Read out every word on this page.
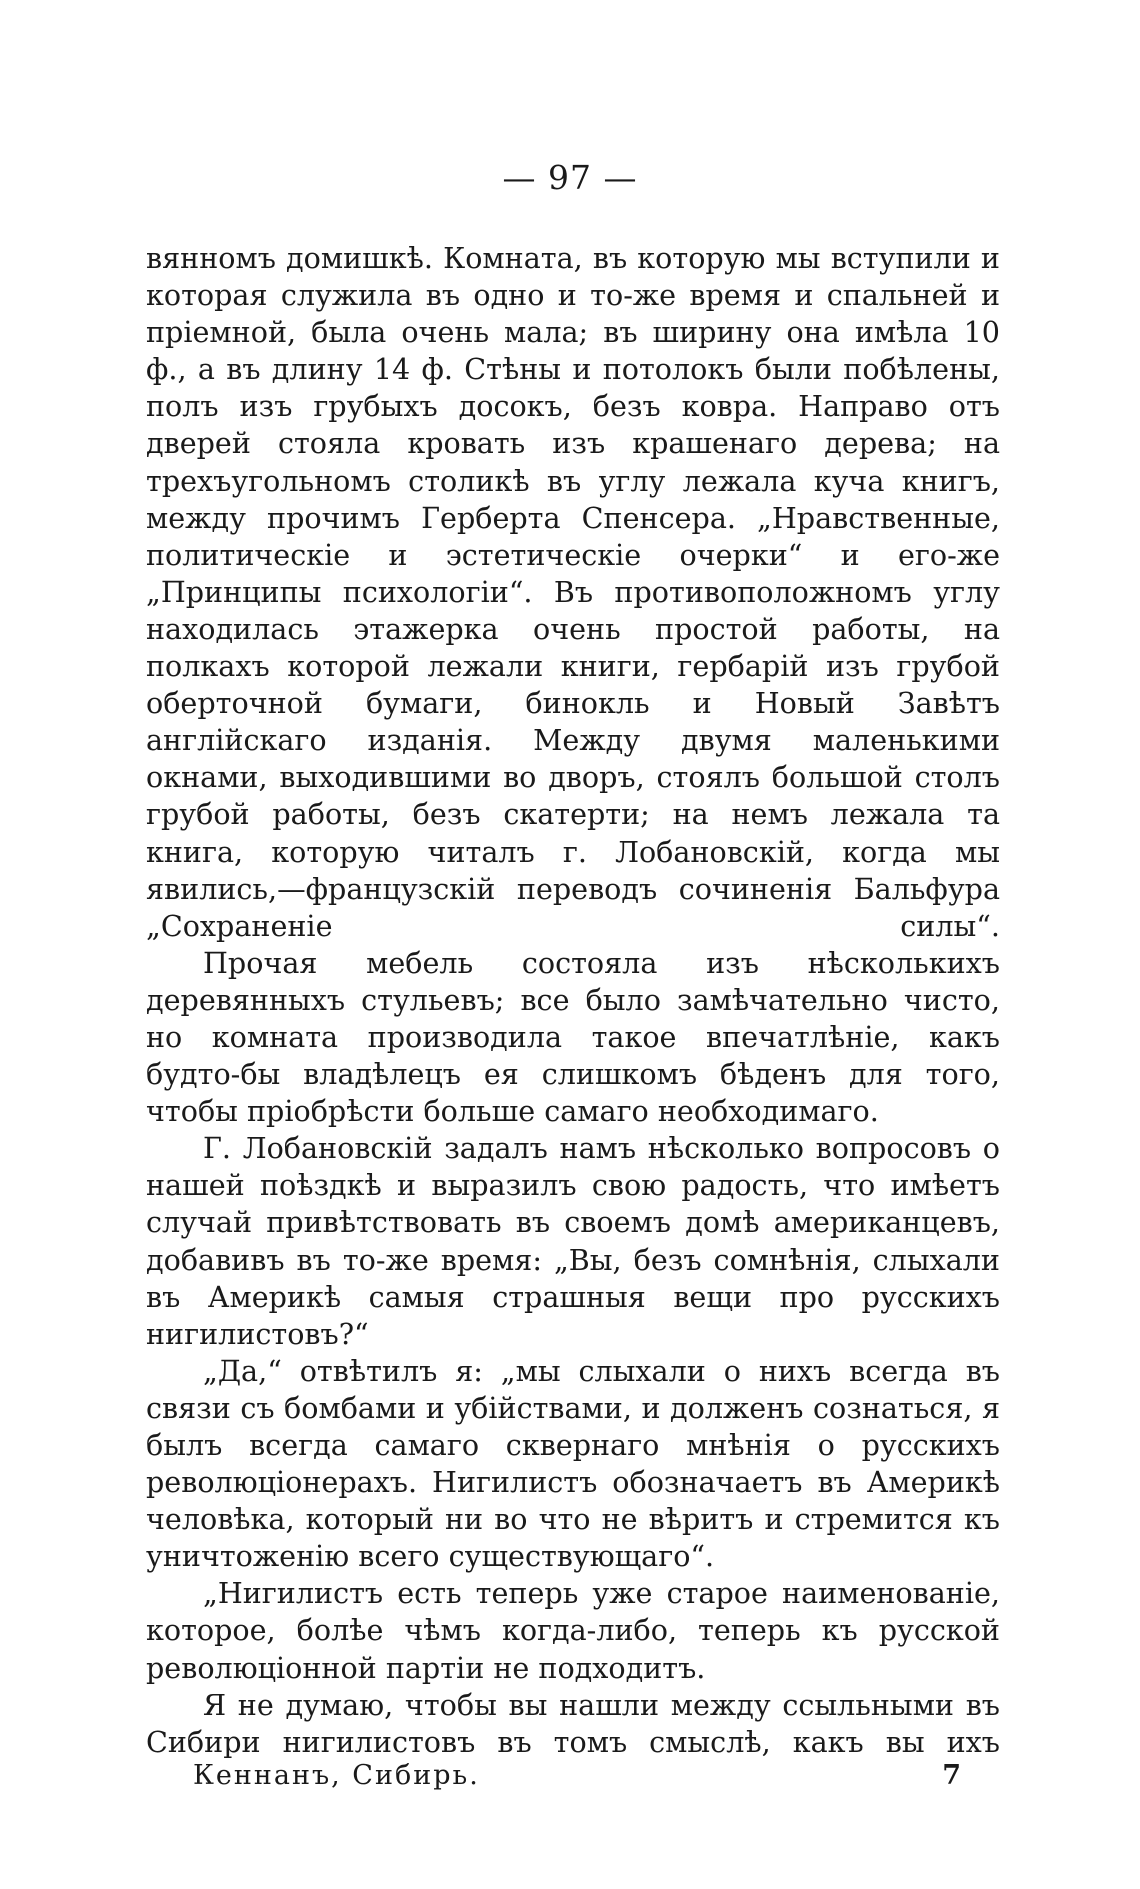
— 97 —

вянномъ домишкѣ. Комната, въ которую мы вступили и которая служила въ одно и то-же время и спальней и пріемной, была очень мала; въ ширину она имѣла 10 ф., а въ длину 14 ф. Стѣны и потолокъ были побѣлены, полъ изъ грубыхъ досокъ, безъ ковра. Направо отъ дверей стояла кровать изъ крашенаго дерева; на трехъугольномъ столикѣ въ углу лежала куча книгъ, между прочимъ Герберта Спенсера. „Нравственные, политическіе и эстетическіе очерки“ и его-же „Принципы психологіи“. Въ противоположномъ углу находилась этажерка очень простой работы, на полкахъ которой лежали книги, гербарій изъ грубой оберточной бумаги, бинокль и Новый Завѣтъ англійскаго изданія. Между двумя маленькими окнами, выходившими во дворъ, стоялъ большой столъ грубой работы, безъ скатерти; на немъ лежала та книга, которую читалъ г. Лобановскій, когда мы явились,—французскій переводъ сочиненія Бальфура „Сохраненіе силы“.

Прочая мебель состояла изъ нѣсколькихъ деревянныхъ стульевъ; все было замѣчательно чисто, но комната производила такое впечатлѣніе, какъ будто-бы владѣлецъ ея слишкомъ бѣденъ для того, чтобы пріобрѣсти больше самаго необходимаго.

Г. Лобановскій задалъ намъ нѣсколько вопросовъ о нашей поѣздкѣ и выразилъ свою радость, что имѣетъ случай привѣтствовать въ своемъ домѣ американцевъ, добавивъ въ то-же время: „Вы, безъ сомнѣнія, слыхали въ Америкѣ самыя страшныя вещи про русскихъ нигилистовъ?“

„Да,“ отвѣтилъ я: „мы слыхали о нихъ всегда въ связи съ бомбами и убійствами, и долженъ сознаться, я былъ всегда самаго сквернаго мнѣнія о русскихъ революціонерахъ. Нигилистъ обозначаетъ въ Америкѣ человѣка, который ни во что не вѣритъ и стремится къ уничтоженію всего существующаго“.

„Нигилистъ есть теперь уже старое наименованіе, которое, болѣе чѣмъ когда-либо, теперь къ русской революціонной партіи не подходитъ.

Я не думаю, чтобы вы нашли между ссыльными въ Сибири нигилистовъ въ томъ смыслѣ, какъ вы ихъ

Кеннанъ, Сибирь.	7
